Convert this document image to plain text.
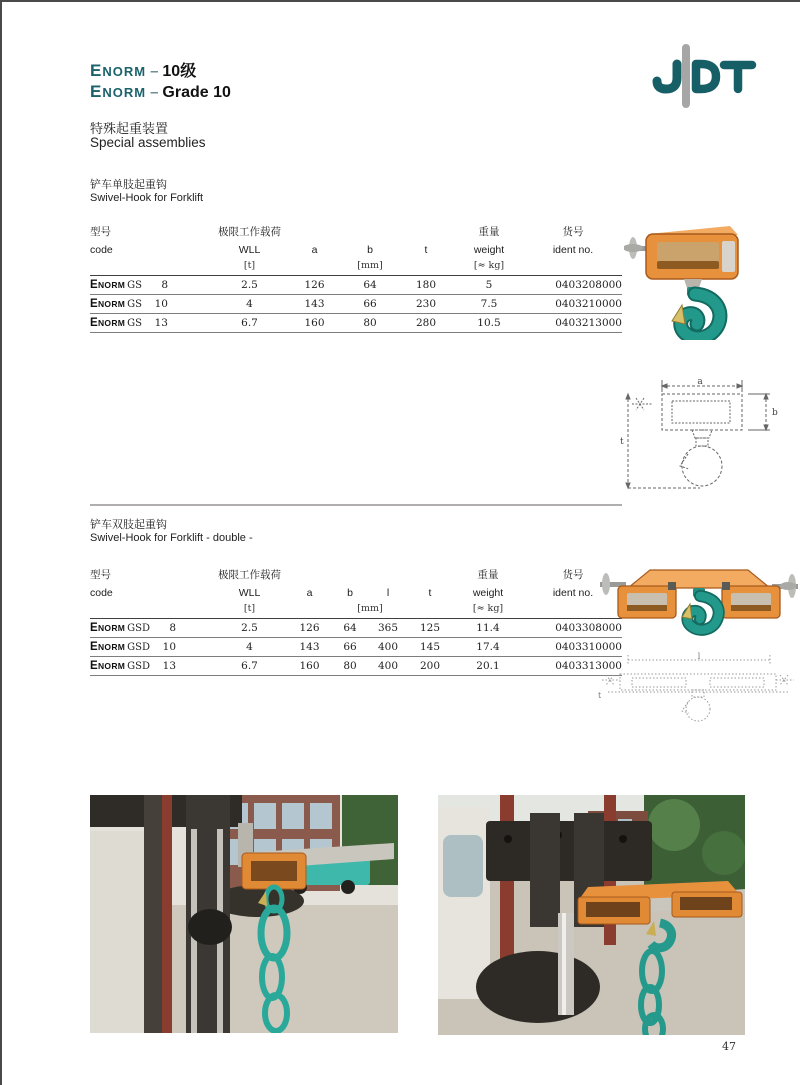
ENORM – 10级
ENORM – Grade 10
特殊起重装置
Special assemblies
铲车单肢起重钩
Swivel-Hook for Forklift
型号	极限工作载荷	重量	货号
code	WLL	a	b	t	weight	ident no.
[t]	[mm]	[≈ kg]
ENORM GS 8	2.5	126	64	180	5	0403208000
ENORM GS 10	4	143	66	230	7.5	0403210000
ENORM GS 13	6.7	160	80	280	10.5	0403213000
a
b
t
铲车双肢起重钩
Swivel-Hook for Forklift - double -
型号	极限工作载荷	重量	货号
code	WLL	a	b	l	t	weight	ident no.
[t]	[mm]	[≈ kg]
ENORM GSD 8	2.5	126	64	365	125	11.4	0403308000
ENORM GSD 10	4	143	66	400	145	17.4	0403310000
ENORM GSD 13	6.7	160	80	400	200	20.1	0403313000
l
t
47
